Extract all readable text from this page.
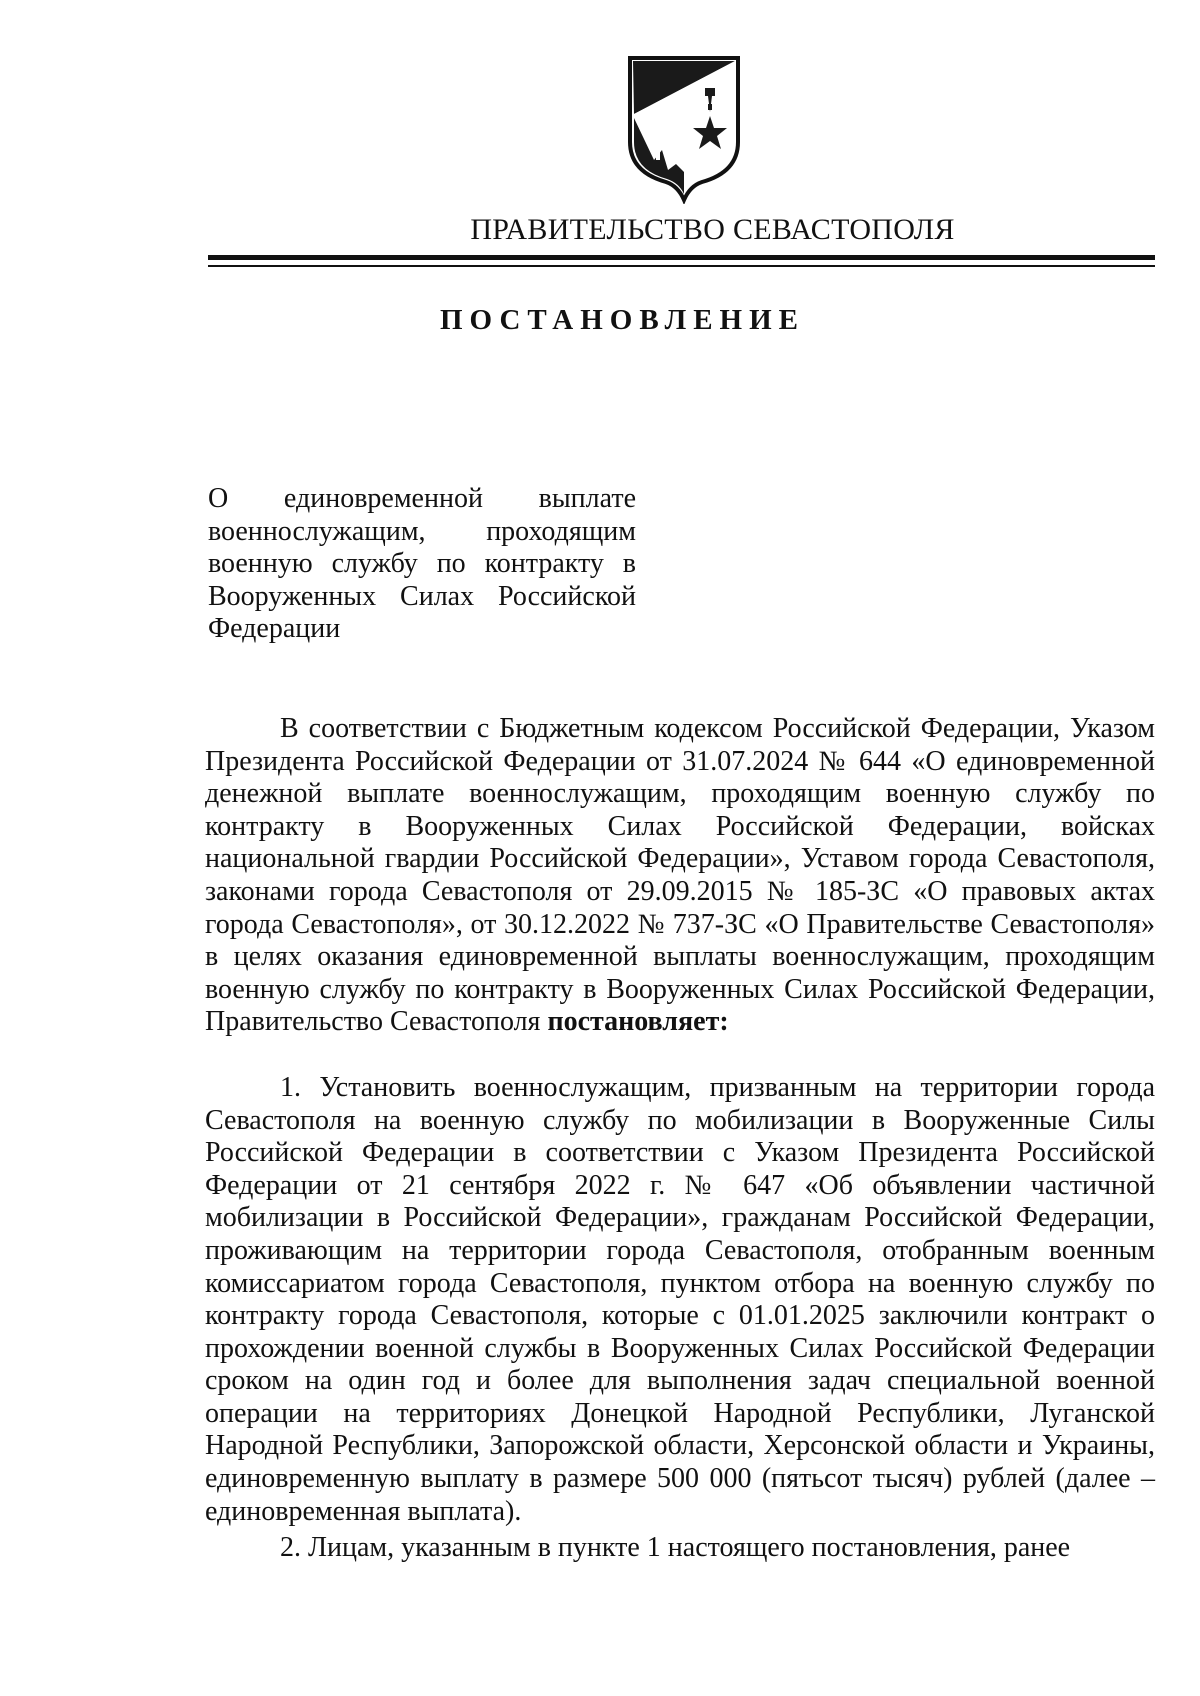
ПРАВИТЕЛЬСТВО СЕВАСТОПОЛЯ
ПОСТАНОВЛЕНИЕ
О единовременной выплате военнослужащим, проходящим военную службу по контракту в Вооруженных Силах Российской Федерации

В соответствии с Бюджетным кодексом Российской Федерации, Указом Президента Российской Федерации от 31.07.2024 № 644 «О единовременной денежной выплате военнослужащим, проходящим военную службу по контракту в Вооруженных Силах Российской Федерации, войсках национальной гвардии Российской Федерации», Уставом города Севастополя, законами города Севастополя от 29.09.2015 № 185-ЗС «О правовых актах города Севастополя», от 30.12.2022 № 737-ЗС «О Правительстве Севастополя» в целях оказания единовременной выплаты военнослужащим, проходящим военную службу по контракту в Вооруженных Силах Российской Федерации, Правительство Севастополя постановляет:

1. Установить военнослужащим, призванным на территории города Севастополя на военную службу по мобилизации в Вооруженные Силы Российской Федерации в соответствии с Указом Президента Российской Федерации от 21 сентября 2022 г. № 647 «Об объявлении частичной мобилизации в Российской Федерации», гражданам Российской Федерации, проживающим на территории города Севастополя, отобранным военным комиссариатом города Севастополя, пунктом отбора на военную службу по контракту города Севастополя, которые с 01.01.2025 заключили контракт о прохождении военной службы в Вооруженных Силах Российской Федерации сроком на один год и более для выполнения задач специальной военной операции на территориях Донецкой Народной Республики, Луганской Народной Республики, Запорожской области, Херсонской области и Украины, единовременную выплату в размере 500 000 (пятьсот тысяч) рублей (далее – единовременная выплата).

2. Лицам, указанным в пункте 1 настоящего постановления, ранее
